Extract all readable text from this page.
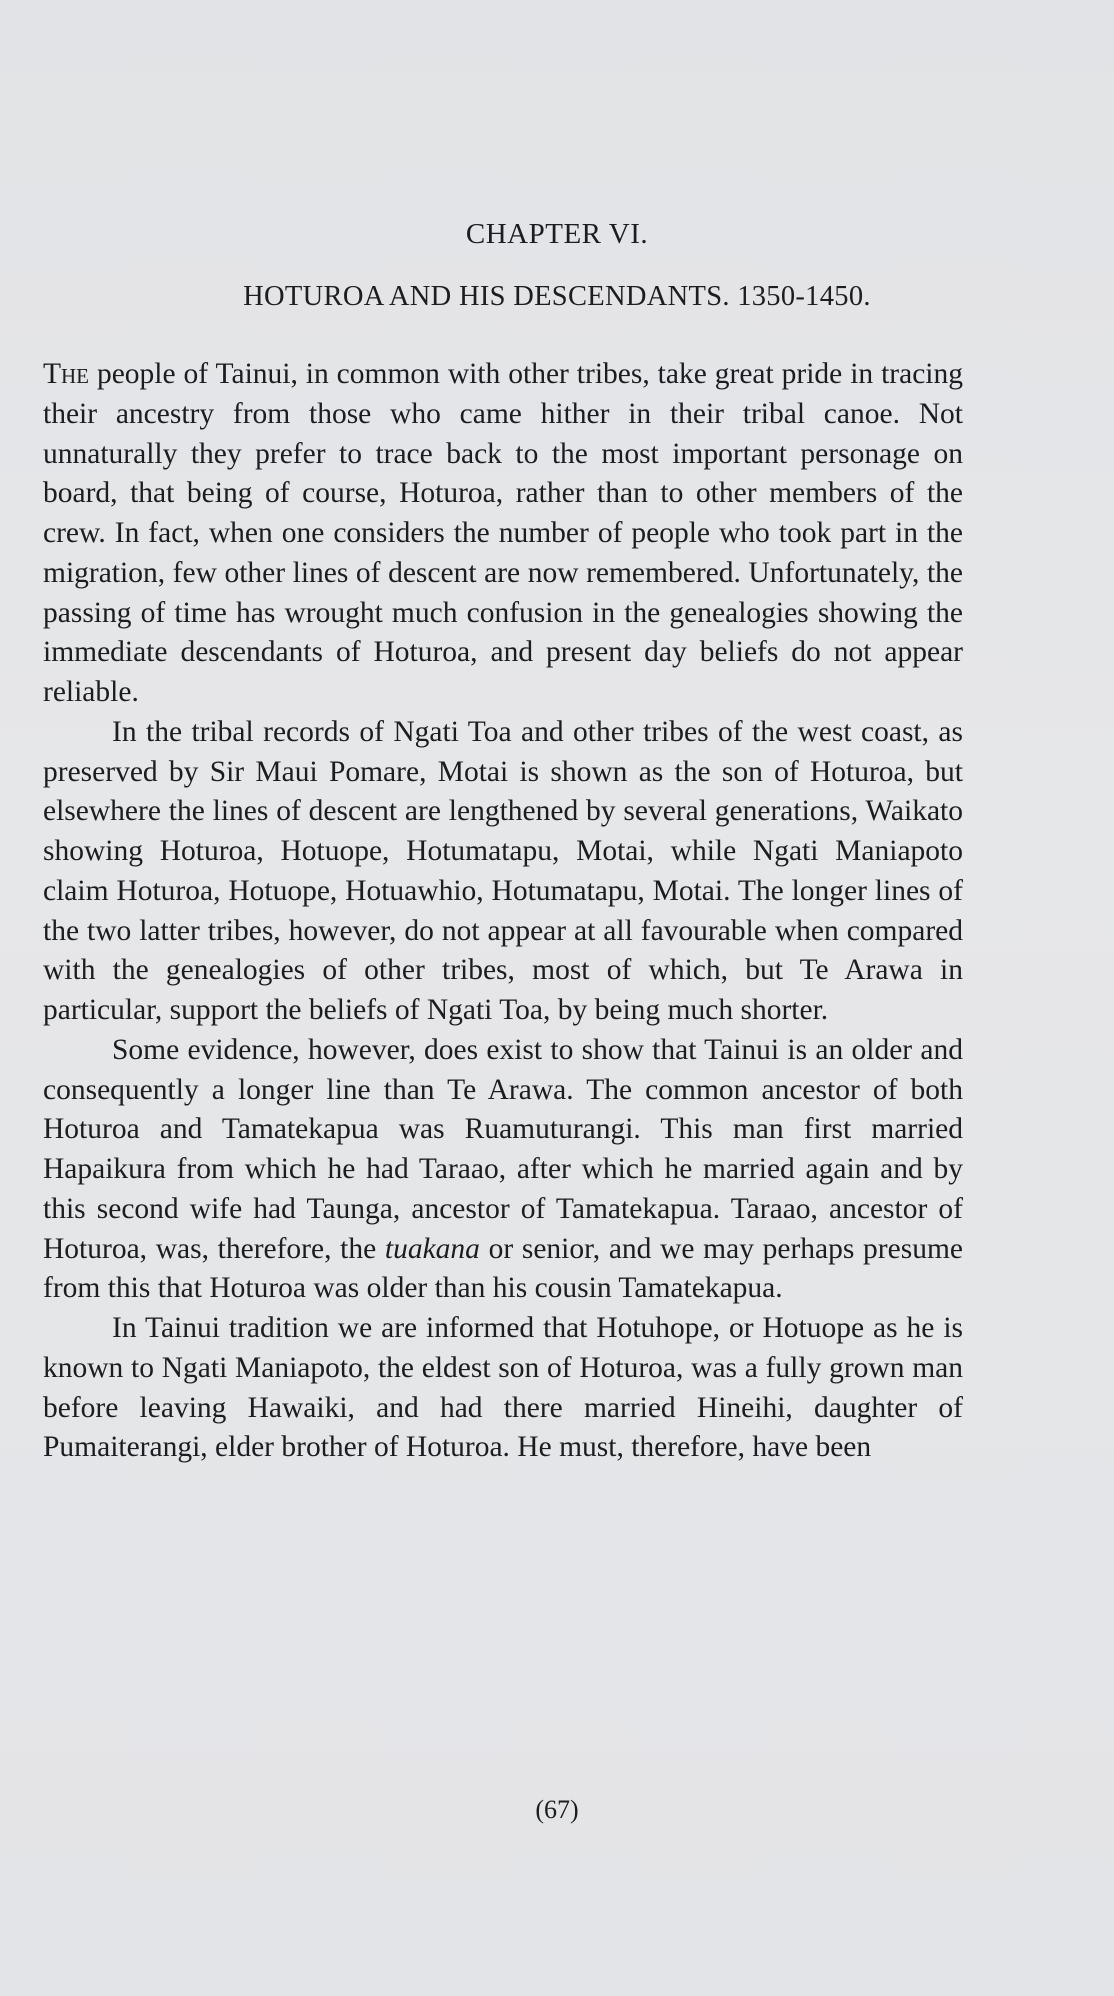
CHAPTER VI.
HOTUROA AND HIS DESCENDANTS. 1350-1450.

The people of Tainui, in common with other tribes, take great pride in tracing their ancestry from those who came hither in their tribal canoe. Not unnaturally they prefer to trace back to the most important personage on board, that being of course, Hoturoa, rather than to other members of the crew. In fact, when one considers the number of people who took part in the migration, few other lines of descent are now remembered. Unfortunately, the passing of time has wrought much confusion in the genealogies showing the immediate descendants of Hoturoa, and present day beliefs do not appear reliable.

In the tribal records of Ngati Toa and other tribes of the west coast, as preserved by Sir Maui Pomare, Motai is shown as the son of Hoturoa, but elsewhere the lines of descent are lengthened by several generations, Waikato showing Hoturoa, Hotuope, Hotumatapu, Motai, while Ngati Maniapoto claim Hoturoa, Hotuope, Hotuawhio, Hotumatapu, Motai. The longer lines of the two latter tribes, however, do not appear at all favourable when compared with the genealogies of other tribes, most of which, but Te Arawa in particular, support the beliefs of Ngati Toa, by being much shorter.

Some evidence, however, does exist to show that Tainui is an older and consequently a longer line than Te Arawa. The common ancestor of both Hoturoa and Tamatekapua was Ruamuturangi. This man first married Hapaikura from which he had Taraao, after which he married again and by this second wife had Taunga, ancestor of Tamatekapua. Taraao, ancestor of Hoturoa, was, therefore, the tuakana or senior, and we may perhaps presume from this that Hoturoa was older than his cousin Tamatekapua.

In Tainui tradition we are informed that Hotuhope, or Hotuope as he is known to Ngati Maniapoto, the eldest son of Hoturoa, was a fully grown man before leaving Hawaiki, and had there married Hineihi, daughter of Pumaiterangi, elder brother of Hoturoa. He must, therefore, have been

(67)
